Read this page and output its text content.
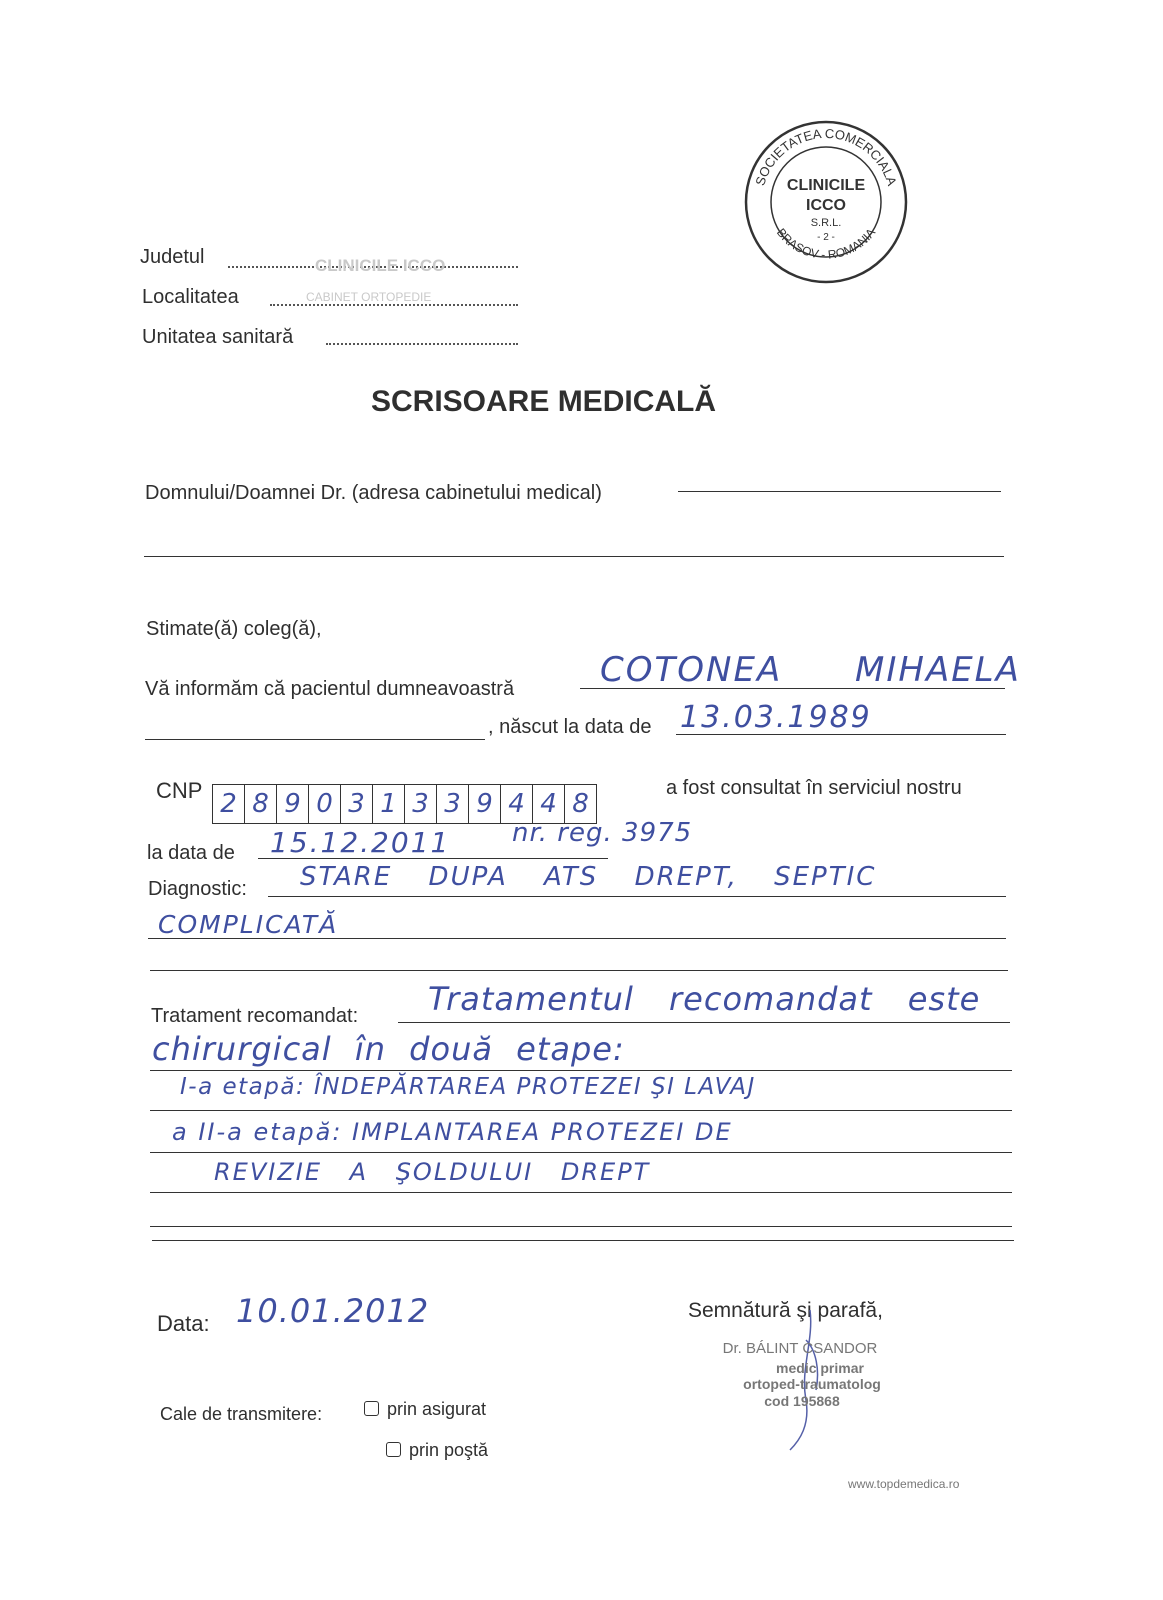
SOCIETATEA COMERCIALA
BRASOV - ROMANIA
CLINICILE
ICCO
S.R.L.
- 2 -
Judetul	CLINICILE ICCO
Localitatea	CABINET ORTOPEDIE
Unitatea sanitară
SCRISOARE MEDICALĂ
Domnului/Doamnei Dr. (adresa cabinetului medical)
Stimate(ă) coleg(ă),
Vă informăm că pacientul dumneavoastră	COTONEA MIHAELA
, născut la data de 13.03.1989
CNP 2 8 9 0 3 1 3 3 9 4 4 8
a fost consultat în serviciul nostru
la data de 15.12.2011 nr. reg. 3975
Diagnostic: STARE DUPA ATS DREPT, SEPTIC
COMPLICATĂ
Tratament recomandat: Tratamentul recomandat este
chirurgical în două etape:
I-a etapă: ÎNDEPĂRTAREA PROTEZEI ŞI LAVAJ
a II-a etapă: IMPLANTAREA PROTEZEI DE
REVIZIE A ŞOLDULUI DREPT
Data: 10.01.2012	Semnătură şi parafă,
Dr. BÁLINT CSANDOR
medic primar
ortoped-traumatolog
cod 195868
Cale de transmitere:	prin asigurat
prin poştă
www.topdemedica.ro
